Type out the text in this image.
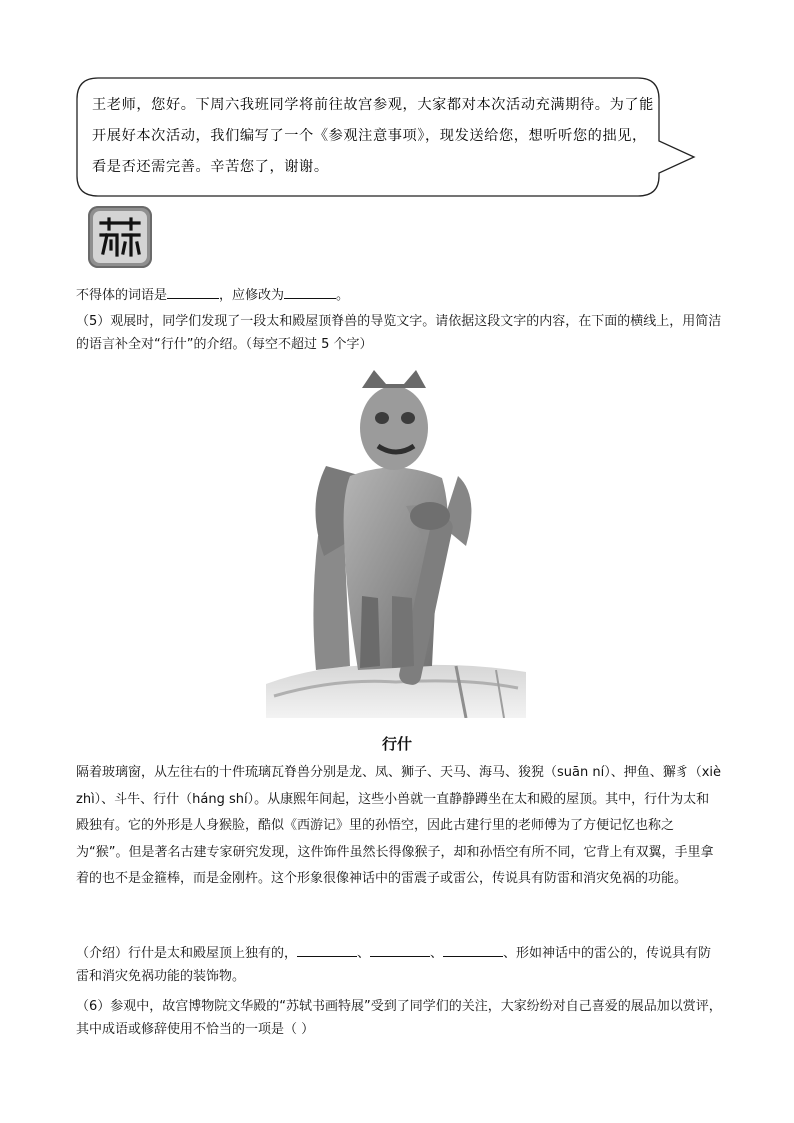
王老师，您好。下周六我班同学将前往故宫参观，大家都对本次活动充满期待。为了能开展好本次活动，我们编写了一个《参观注意事项》，现发送给您，想听听您的拙见，看是否还需完善。辛苦您了，谢谢。

不得体的词语是	，应修改为	。

（5）观展时，同学们发现了一段太和殿屋顶脊兽的导览文字。请依据这段文字的内容，在下面的横线上，用简洁的语言补全对“行什”的介绍。（每空不超过 5 个字）

行什

隔着玻璃窗，从左往右的十件琉璃瓦脊兽分别是龙、凤、狮子、天马、海马、狻猊（suān ní）、押鱼、獬豸（xiè zhì）、斗牛、行什（háng shí）。从康熙年间起，这些小兽就一直静静蹲坐在太和殿的屋顶。其中，行什为太和殿独有。它的外形是人身猴脸，酷似《西游记》里的孙悟空，因此古建行里的老师傅为了方便记忆也称之为“猴”。但是著名古建专家研究发现，这件饰件虽然长得像猴子，却和孙悟空有所不同，它背上有双翼，手里拿着的也不是金箍棒，而是金刚杵。这个形象很像神话中的雷震子或雷公，传说具有防雷和消灾免祸的功能。

（介绍）行什是太和殿屋顶上独有的，	、	、	、形如神话中的雷公的，传说具有防雷和消灾免祸功能的装饰物。

（6）参观中，故宫博物院文华殿的“苏轼书画特展”受到了同学们的关注，大家纷纷对自己喜爱的展品加以赏评，其中成语或修辞使用不恰当的一项是（ ）
